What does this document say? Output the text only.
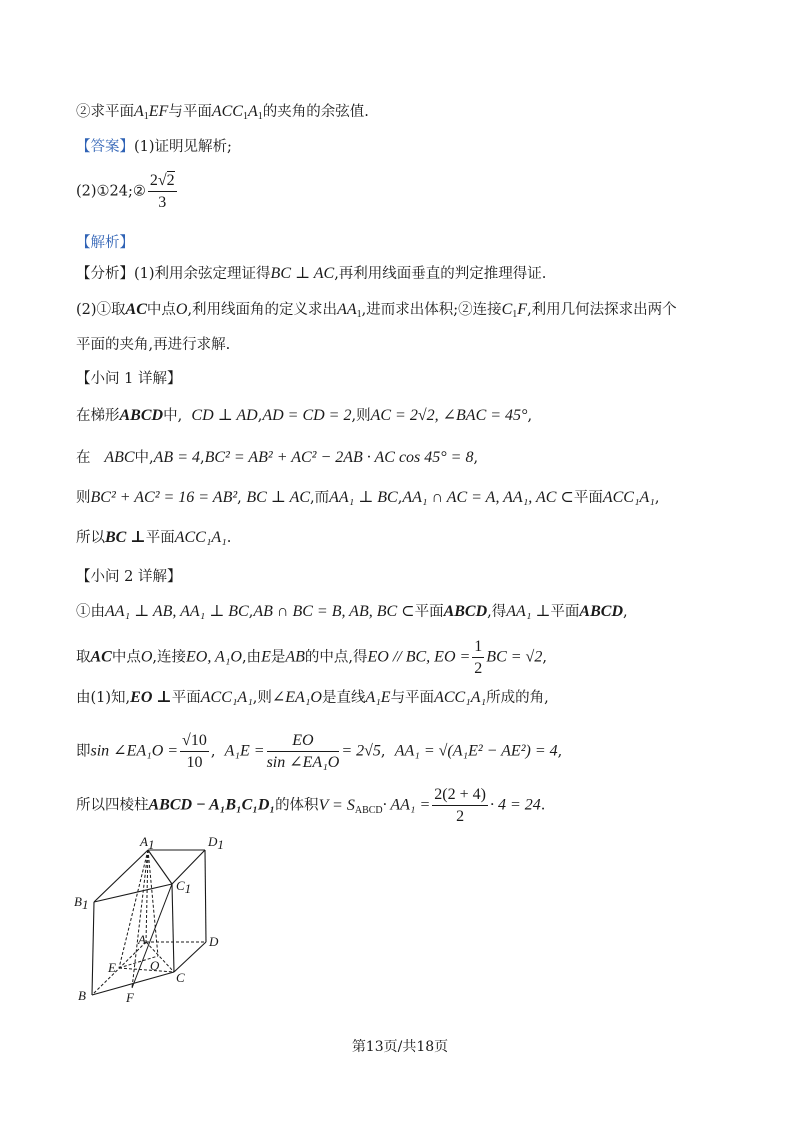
②求平面$A_1EF$与平面$ACC_1A_1$的夹角的余弦值.
【答案】(1)证明见解析;
(2)①24;② $\frac{2√2}{3}$
【解析】
【分析】(1)利用余弦定理证得BC ⊥ AC,再利用线面垂直的判定推理得证.
(2)①取AC中点O,利用线面角的定义求出$AA_1$,进而求出体积;②连接$C_1F$,利用几何法探求出两个
平面的夹角,再进行求解.
【小问 1 详解】
在梯形ABCD中, CD ⊥ AD,AD = CD = 2,则AC = 2√2, ∠BAC = 45°,
在 ABC中,AB = 4,BC² = AB² + AC² − 2AB · AC cos 45° = 8,
则BC² + AC² = 16 = AB², BC ⊥ AC,而AA₁ ⊥ BC,AA₁ ∩ AC = A, AA₁, AC ⊂平面ACC₁A₁,
所以BC ⊥平面ACC₁A₁.
【小问 2 详解】
①由AA₁ ⊥ AB, AA₁ ⊥ BC,AB ∩ BC = B, AB, BC ⊂平面ABCD,得AA₁ ⊥平面ABCD,
取AC中点O,连接EO, A₁O,由E是AB的中点,得EO // BC, EO = $\frac{1}{2}$ BC = √2,
由(1)知,EO ⊥平面ACC₁A₁,则∠EA₁O是直线A₁E与平面ACC₁A₁所成的角,
即sin ∠EA₁O = $\frac{√10}{10}$ , $A_1E = \frac{EO}{\text{sin ∠EA₁O}} = 2√5$, AA₁ = √(A₁E² − AE²) = 4,
所以四棱柱ABCD − A₁B₁C₁D₁的体积$V = S_{ABCD}\cdot AA_1 = \frac{2(2 + 4)}{2} \cdot 4 = 24$.
A1	D1
C1
B1
A	D
E	O
B	F
C
第13页/共18页
